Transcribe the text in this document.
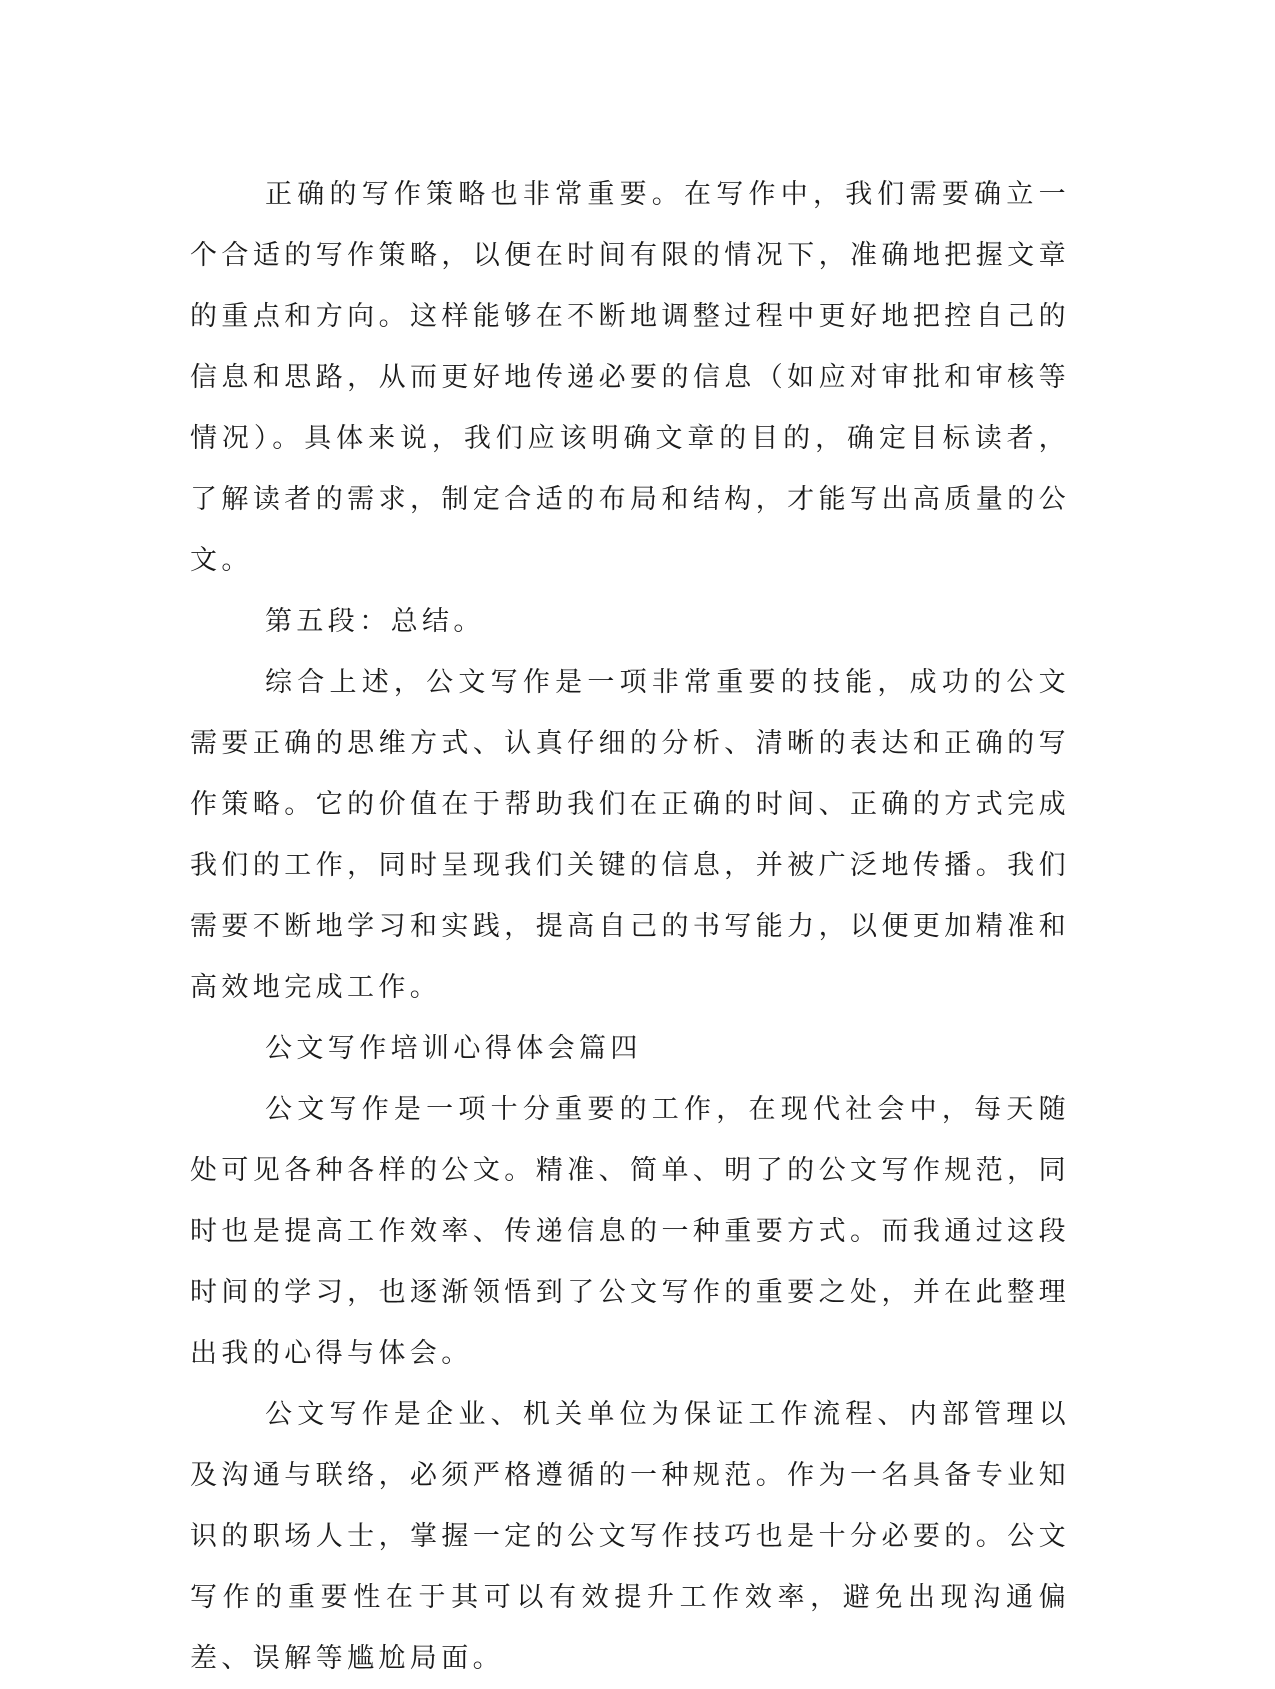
正确的写作策略也非常重要。在写作中，我们需要确立一个合适的写作策略，以便在时间有限的情况下，准确地把握文章的重点和方向。这样能够在不断地调整过程中更好地把控自己的信息和思路，从而更好地传递必要的信息（如应对审批和审核等情况）。具体来说，我们应该明确文章的目的，确定目标读者，了解读者的需求，制定合适的布局和结构，才能写出高质量的公文。

第五段：总结。

综合上述，公文写作是一项非常重要的技能，成功的公文需要正确的思维方式、认真仔细的分析、清晰的表达和正确的写作策略。它的价值在于帮助我们在正确的时间、正确的方式完成我们的工作，同时呈现我们关键的信息，并被广泛地传播。我们需要不断地学习和实践，提高自己的书写能力，以便更加精准和高效地完成工作。

公文写作培训心得体会篇四

公文写作是一项十分重要的工作，在现代社会中，每天随处可见各种各样的公文。精准、简单、明了的公文写作规范，同时也是提高工作效率、传递信息的一种重要方式。而我通过这段时间的学习，也逐渐领悟到了公文写作的重要之处，并在此整理出我的心得与体会。

公文写作是企业、机关单位为保证工作流程、内部管理以及沟通与联络，必须严格遵循的一种规范。作为一名具备专业知识的职场人士，掌握一定的公文写作技巧也是十分必要的。公文写作的重要性在于其可以有效提升工作效率，避免出现沟通偏差、误解等尴尬局面。
